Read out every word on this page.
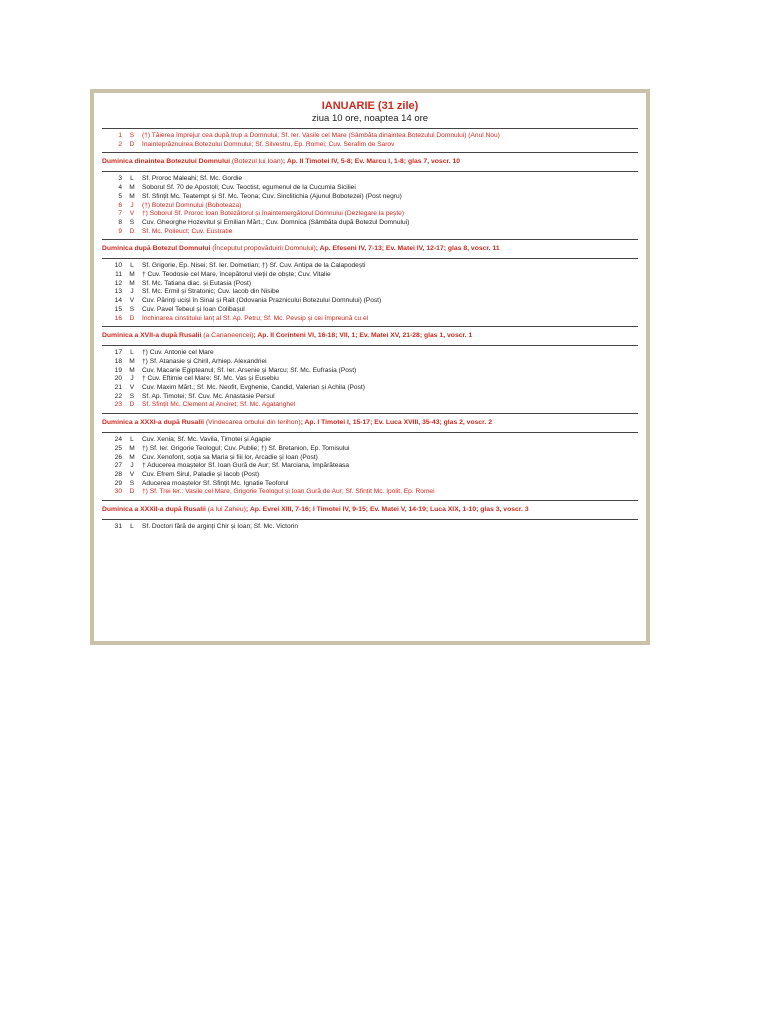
IANUARIE (31 zile)
ziua 10 ore, noaptea 14 ore
1	S	(†) Tăierea împrejur cea după trup a Domnului; Sf. Ier. Vasile cel Mare (Sâmbăta dinaintea Botezului Domnului) (Anul Nou)
2	D	Înainteprăznuirea Botezului Domnului; Sf. Silvestru, Ep. Romei; Cuv. Serafim de Sarov
Duminica dinaintea Botezului Domnului (Botezul lui Ioan); Ap. II Timotei IV, 5-8; Ev. Marcu I, 1-8; glas 7, voscr. 10
3	L	Sf. Proroc Maleahi; Sf. Mc. Gordie
4	M	Soborul Sf. 70 de Apostoli; Cuv. Teoctist, egumenul de la Cucumia Siciliei
5	M	Sf. Sfințit Mc. Teatempt și Sf. Mc. Teona; Cuv. Sinclitichia (Ajunul Bobotezei) (Post negru)
6	J	(†) Botezul Domnului (Boboteaza)
7	V	†) Soborul Sf. Proroc Ioan Botezătorul și Înaintemergătorul Domnului (Dezlegare la pește)
8	S	Cuv. Gheorghe Hozevitul și Emilian Mărt.; Cuv. Domnica (Sâmbăta după Botezul Domnului)
9	D	Sf. Mc. Polieuct; Cuv. Eustratie
Duminica după Botezul Domnului (Începutul propovăduirii Domnului); Ap. Efeseni IV, 7-13; Ev. Matei IV, 12-17; glas 8, voscr. 11
10	L	Sf. Grigorie, Ep. Nisei; Sf. Ier. Dometian; †) Sf. Cuv. Antipa de la Calapodești
11	M	† Cuv. Teodosie cel Mare, începătorul vieții de obște; Cuv. Vitalie
12	M	Sf. Mc. Tatiana diac. și Eutasia (Post)
13	J	Sf. Mc. Ermil și Stratonic; Cuv. Iacob din Nisibe
14	V	Cuv. Părinți uciși în Sinai și Rait (Odovania Praznicului Botezului Domnului) (Post)
15	S	Cuv. Pavel Tebeul și Ioan Colibașul
16	D	Închinarea cinstitului lanț al Sf. Ap. Petru; Sf. Mc. Pevsip și cei împreună cu el
Duminica a XVII-a după Rusalii (a Cananeencei); Ap. II Corinteni VI, 16-18; VII, 1; Ev. Matei XV, 21-28; glas 1, voscr. 1
17	L	†) Cuv. Antonie cel Mare
18	M	†) Sf. Atanasie și Chiril, Arhiep. Alexandriei
19	M	Cuv. Macarie Egipteanul; Sf. Ier. Arsenie și Marcu; Sf. Mc. Eufrasia (Post)
20	J	† Cuv. Eftimie cel Mare; Sf. Mc. Vas și Eusebiu
21	V	Cuv. Maxim Mărt.; Sf. Mc. Neofit, Evghenie, Candid, Valerian și Achila (Post)
22	S	Sf. Ap. Timotei; Sf. Cuv. Mc. Anastasie Persul
23	D	Sf. Sfințit Mc. Clement al Anciret; Sf. Mc. Agatanghel
Duminica a XXXI-a după Rusalii (Vindecarea orbului din Ierihon); Ap. I Timotei I, 15-17; Ev. Luca XVIII, 35-43; glas 2, voscr. 2
24	L	Cuv. Xenia; Sf. Mc. Vavila, Timotei și Agapie
25	M	†) Sf. Ier. Grigorie Teologul; Cuv. Publie; †) Sf. Bretanion, Ep. Tomisului
26	M	Cuv. Xenofont, soția sa Maria și fiii lor, Arcadie și Ioan (Post)
27	J	† Aducerea moaștelor Sf. Ioan Gură de Aur; Sf. Marciana, împărăteasa
28	V	Cuv. Efrem Sirul, Paladie și Iacob (Post)
29	S	Aducerea moaștelor Sf. Sfințit Mc. Ignatie Teoforul
30	D	†) Sf. Trei Ier.: Vasile cel Mare, Grigorie Teologul și Ioan Gură de Aur; Sf. Sfințit Mc. Ipolit, Ep. Romei
Duminica a XXXII-a după Rusalii (a lui Zaheu); Ap. Evrei XIII, 7-16; I Timotei IV, 9-15; Ev. Matei V, 14-19; Luca XIX, 1-10; glas 3, voscr. 3
31	L	Sf. Doctori fără de arginți Chir și Ioan; Sf. Mc. Victorin
